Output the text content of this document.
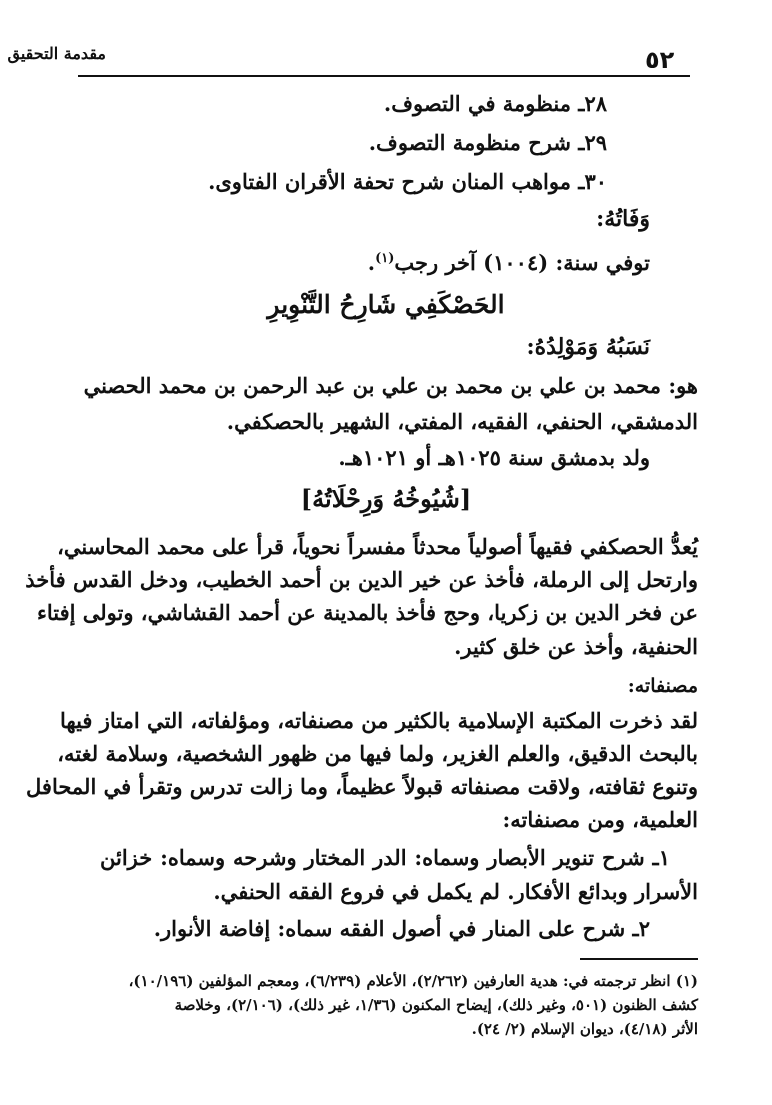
٥٢
مقدمة التحقيق
٢٨ـ منظومة في التصوف.
٢٩ـ شرح منظومة التصوف.
٣٠ـ مواهب المنان شرح تحفة الأقران الفتاوى.
وَفَاتُهُ:
توفي سنة: (١٠٠٤) آخر رجب$^{(١)}$.
الحَصْكَفِي شَارِحُ التَّنْوِيرِ
نَسَبُهُ وَمَوْلِدُهُ:
هو: محمد بن علي بن محمد بن علي بن عبد الرحمن بن محمد الحصني
الدمشقي، الحنفي، الفقيه، المفتي، الشهير بالحصكفي.
ولد بدمشق سنة ١٠٢٥هـ أو ١٠٢١هـ.
[شُيُوخُهُ وَرِحْلَاتُهُ]
يُعدُّ الحصكفي فقيهاً أصولياً محدثاً مفسراً نحوياً، قرأ على محمد المحاسني،
وارتحل إلى الرملة، فأخذ عن خير الدين بن أحمد الخطيب، ودخل القدس فأخذ
عن فخر الدين بن زكريا، وحج فأخذ بالمدينة عن أحمد القشاشي، وتولى إفتاء
الحنفية، وأخذ عن خلق كثير.
مصنفاته:
لقد ذخرت المكتبة الإسلامية بالكثير من مصنفاته، ومؤلفاته، التي امتاز فيها
بالبحث الدقيق، والعلم الغزير، ولما فيها من ظهور الشخصية، وسلامة لغته،
وتنوع ثقافته، ولاقت مصنفاته قبولاً عظيماً، وما زالت تدرس وتقرأ في المحافل
العلمية، ومن مصنفاته:
١ـ شرح تنوير الأبصار وسماه: الدر المختار وشرحه وسماه: خزائن
الأسرار وبدائع الأفكار. لم يكمل في فروع الفقه الحنفي.
٢ـ شرح على المنار في أصول الفقه سماه: إفاضة الأنوار.
(١) انظر ترجمته في: هدية العارفين (٢/٢٦٢)، الأعلام (٦/٢٣٩)، ومعجم المؤلفين (١٠/١٩٦)،
كشف الظنون (٥٠١، وغير ذلك)، إيضاح المكنون (١/٣٦، غير ذلك)، (٢/١٠٦)، وخلاصة
الأثر (٤/١٨)، ديوان الإسلام (٢/ ٢٤).
